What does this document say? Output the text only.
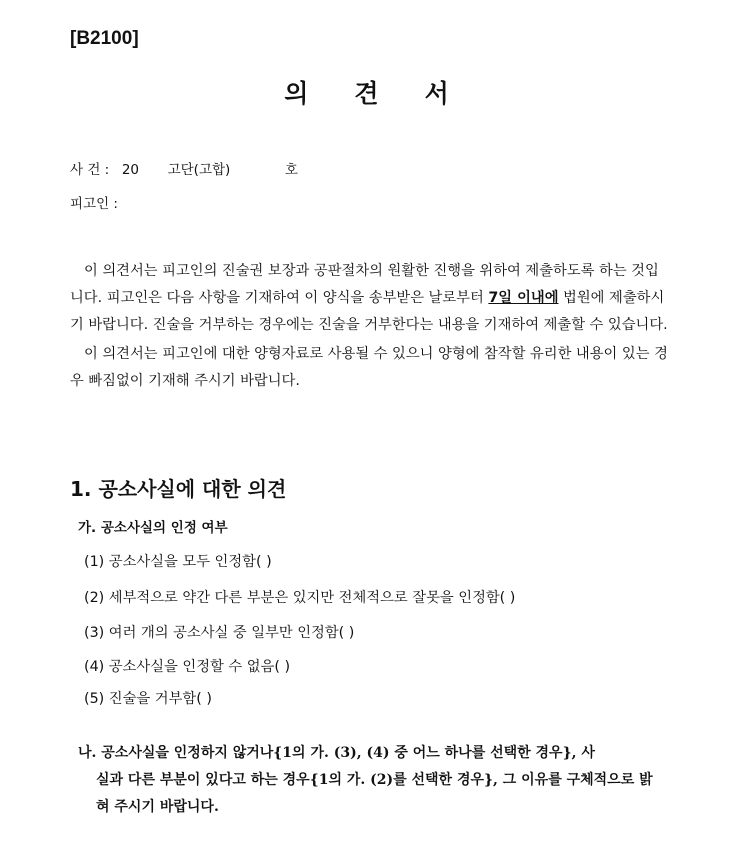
[B2100]
의 견 서
사 건 : 20 고단(고합)	호
피고인 :

이 의견서는 피고인의 진술권 보장과 공판절차의 원활한 진행을 위하여 제출하도록 하는 것입니다. 피고인은 다음 사항을 기재하여 이 양식을 송부받은 날로부터 7일 이내에 법원에 제출하시기 바랍니다. 진술을 거부하는 경우에는 진술을 거부한다는 내용을 기재하여 제출할 수 있습니다.

이 의견서는 피고인에 대한 양형자료로 사용될 수 있으니 양형에 참작할 유리한 내용이 있는 경우 빠짐없이 기재해 주시기 바랍니다.

1. 공소사실에 대한 의견
가. 공소사실의 인정 여부
(1) 공소사실을 모두 인정함( )
(2) 세부적으로 약간 다른 부분은 있지만 전체적으로 잘못을 인정함( )
(3) 여러 개의 공소사실 중 일부만 인정함( )
(4) 공소사실을 인정할 수 없음( )
(5) 진술을 거부함( )
나. 공소사실을 인정하지 않거나{1의 가. (3), (4) 중 어느 하나를 선택한 경우}, 사
실과 다른 부분이 있다고 하는 경우{1의 가. (2)를 선택한 경우}, 그 이유를 구체적으로 밝혀 주시기 바랍니다.
